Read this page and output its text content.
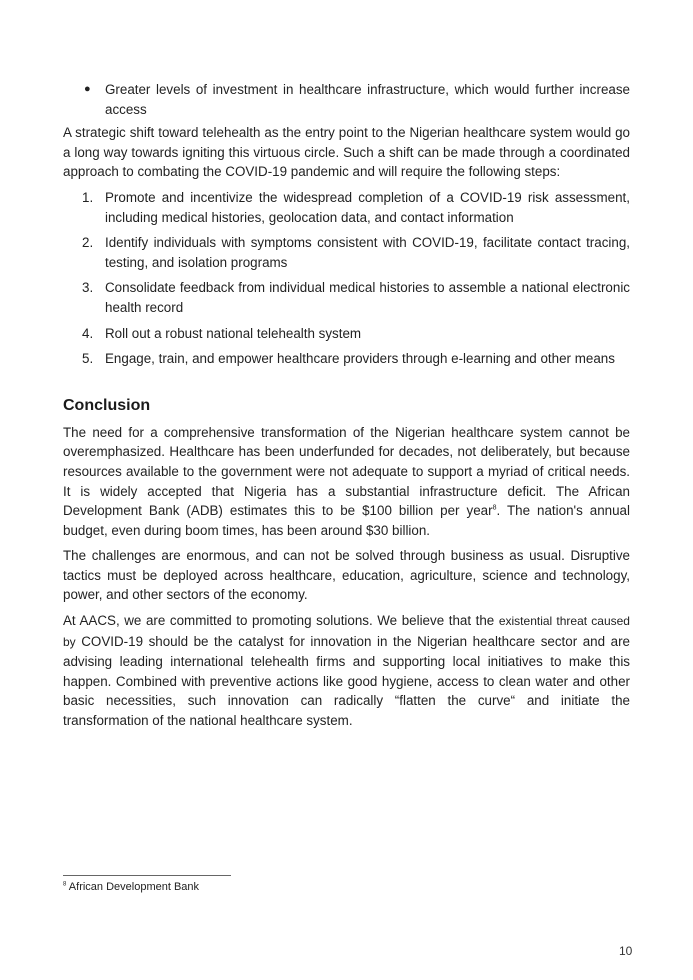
● Greater levels of investment in healthcare infrastructure, which would further increase access

A strategic shift toward telehealth as the entry point to the Nigerian healthcare system would go a long way towards igniting this virtuous circle. Such a shift can be made through a coordinated approach to combating the COVID-19 pandemic and will require the following steps:

1. Promote and incentivize the widespread completion of a COVID-19 risk assessment, including medical histories, geolocation data, and contact information
2. Identify individuals with symptoms consistent with COVID-19, facilitate contact tracing, testing, and isolation programs
3. Consolidate feedback from individual medical histories to assemble a national electronic health record
4. Roll out a robust national telehealth system
5. Engage, train, and empower healthcare providers through e-learning and other means
Conclusion

The need for a comprehensive transformation of the Nigerian healthcare system cannot be overemphasized. Healthcare has been underfunded for decades, not deliberately, but because resources available to the government were not adequate to support a myriad of critical needs. It is widely accepted that Nigeria has a substantial infrastructure deficit. The African Development Bank (ADB) estimates this to be $100 billion per year$^8$. The nation's annual budget, even during boom times, has been around $30 billion.

The challenges are enormous, and can not be solved through business as usual. Disruptive tactics must be deployed across healthcare, education, agriculture, science and technology, power, and other sectors of the economy.

At AACS, we are committed to promoting solutions. We believe that the existential threat caused by COVID-19 should be the catalyst for innovation in the Nigerian healthcare sector and are advising leading international telehealth firms and supporting local initiatives to make this happen. Combined with preventive actions like good hygiene, access to clean water and other basic necessities, such innovation can radically “flatten the curve“ and initiate the transformation of the national healthcare system.

$^8$ African Development Bank
10
